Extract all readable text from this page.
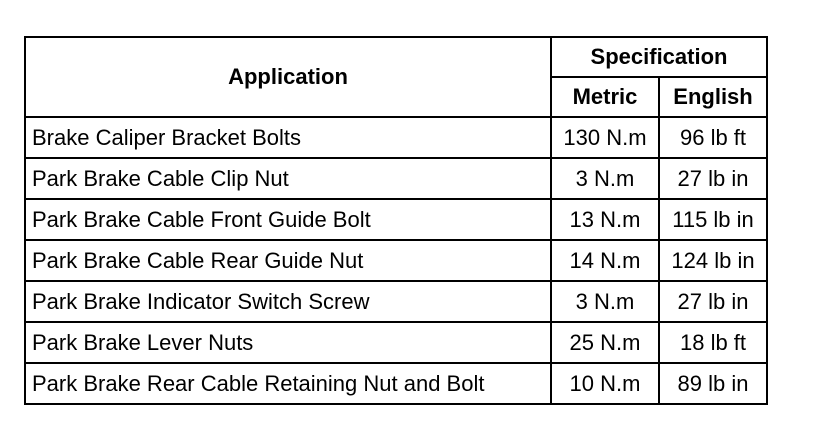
Application	Specification	
	Metric	English
Brake Caliper Bracket Bolts	130 N.m	96 lb ft
Park Brake Cable Clip Nut	3 N.m	27 lb in
Park Brake Cable Front Guide Bolt	13 N.m	115 lb in
Park Brake Cable Rear Guide Nut	14 N.m	124 lb in
Park Brake Indicator Switch Screw	3 N.m	27 lb in
Park Brake Lever Nuts	25 N.m	18 lb ft
Park Brake Rear Cable Retaining Nut and Bolt	10 N.m	89 lb in
